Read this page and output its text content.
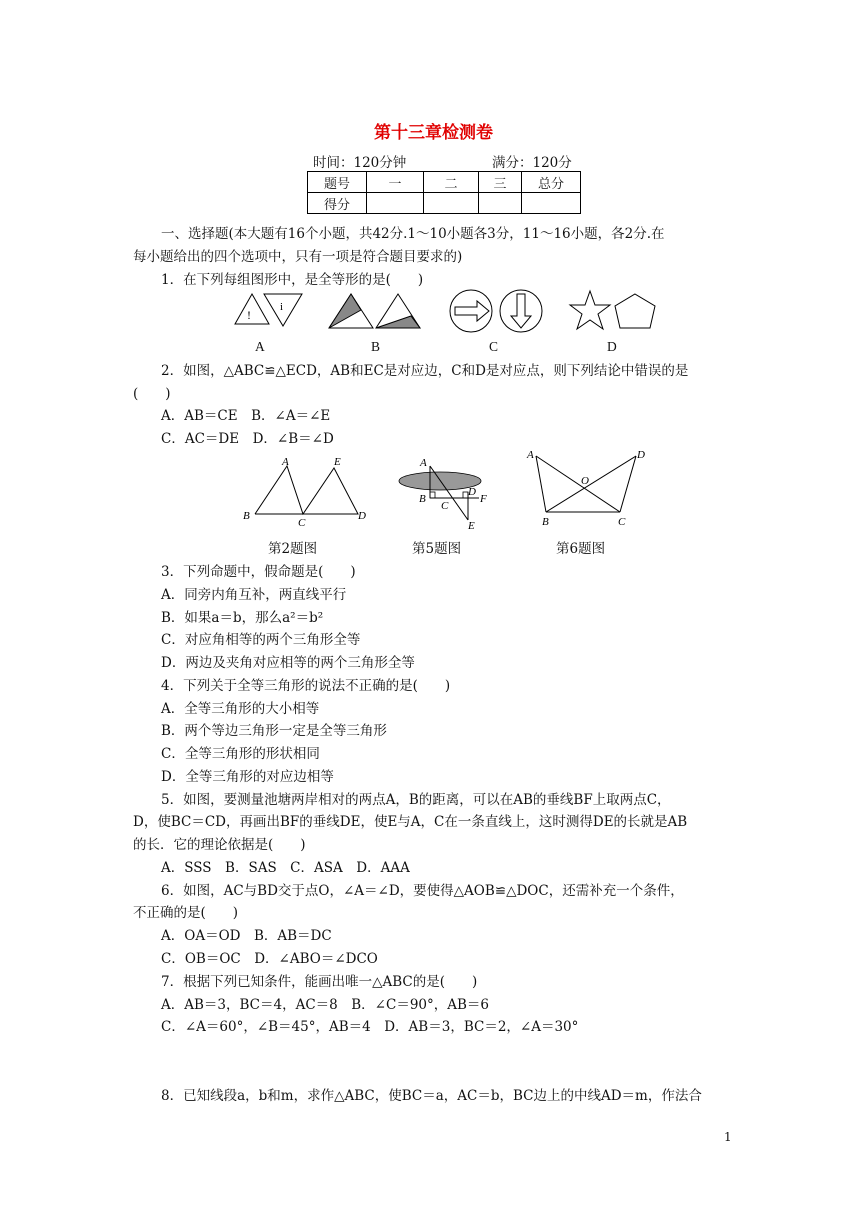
第十三章检测卷
时间：120分钟	满分：120分
题号	一	二	三	总分
得分				
一、选择题(本大题有16个小题，共42分.1～10小题各3分，11～16小题，各2分.在
每小题给出的四个选项中，只有一项是符合题目要求的)
1．在下列每组图形中，是全等形的是(　　)
!
i
A	B	C	D
2．如图，△ABC≌△ECD，AB和EC是对应边，C和D是对应点，则下列结论中错误的是
(　　)
A．AB＝CE　B．∠A＝∠E
C．AC＝DE　D．∠B＝∠D
A	E
B
C
D
A
B
C
D
F
E
A	D
O
B	C
第2题图	第5题图	第6题图
3．下列命题中，假命题是(　　)
A．同旁内角互补，两直线平行
B．如果a＝b，那么a²＝b²
C．对应角相等的两个三角形全等
D．两边及夹角对应相等的两个三角形全等
4．下列关于全等三角形的说法不正确的是(　　)
A．全等三角形的大小相等
B．两个等边三角形一定是全等三角形
C．全等三角形的形状相同
D．全等三角形的对应边相等
5．如图，要测量池塘两岸相对的两点A，B的距离，可以在AB的垂线BF上取两点C，
D，使BC＝CD，再画出BF的垂线DE，使E与A，C在一条直线上，这时测得DE的长就是AB
的长．它的理论依据是(　　)
A．SSS　B．SAS　C．ASA　D．AAA
6．如图，AC与BD交于点O，∠A＝∠D，要使得△AOB≌△DOC，还需补充一个条件，
不正确的是(　　)
A．OA＝OD　B．AB＝DC
C．OB＝OC　D．∠ABO＝∠DCO
7．根据下列已知条件，能画出唯一△ABC的是(　　)
A．AB＝3，BC＝4，AC＝8　B．∠C＝90°，AB＝6
C．∠A＝60°，∠B＝45°，AB＝4　D．AB＝3，BC＝2，∠A＝30°
8．已知线段a，b和m，求作△ABC，使BC＝a，AC＝b，BC边上的中线AD＝m，作法合
1
